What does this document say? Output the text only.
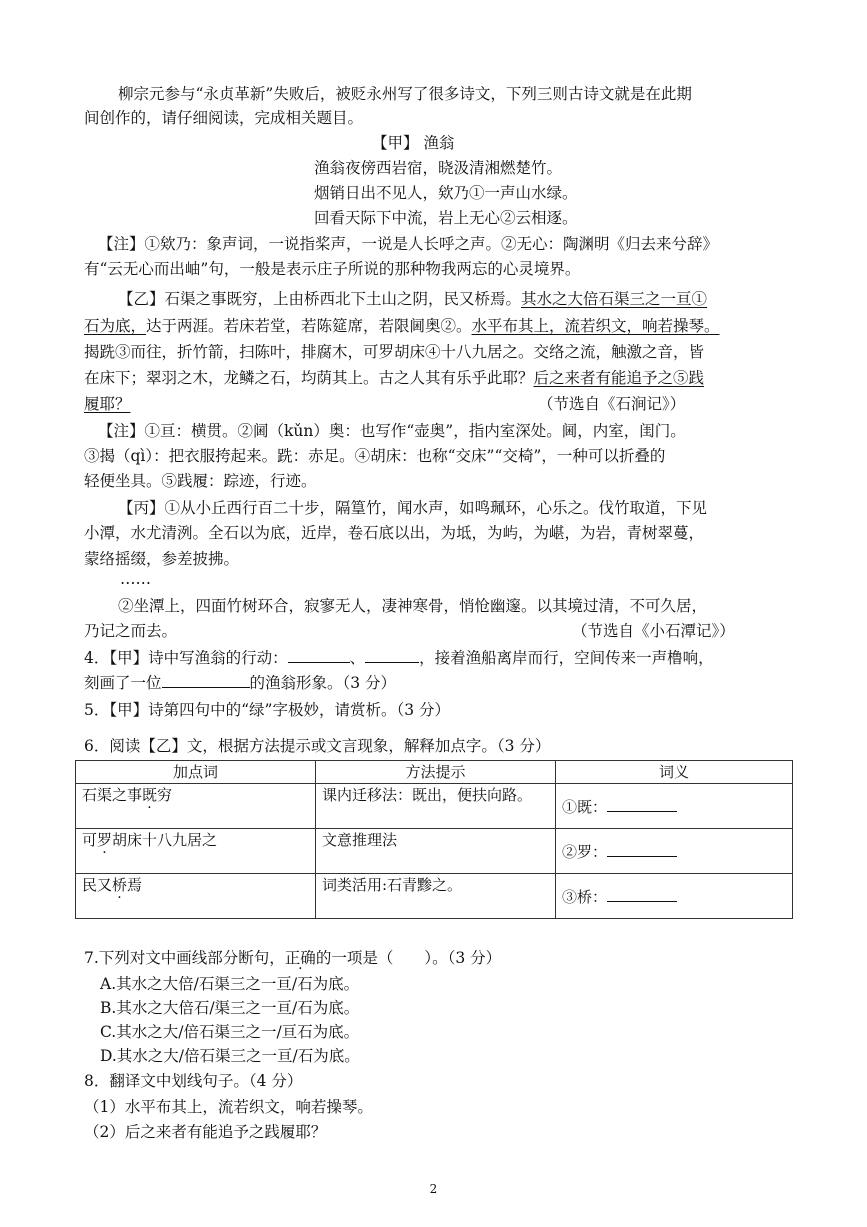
柳宗元参与“永贞革新”失败后，被贬永州写了很多诗文，下列三则古诗文就是在此期
间创作的，请仔细阅读，完成相关题目。
【甲】 渔翁
渔翁夜傍西岩宿，晓汲清湘燃楚竹。
烟销日出不见人，欸乃①一声山水绿。
回看天际下中流，岩上无心②云相逐。
【注】①欸乃：象声词，一说指桨声，一说是人长呼之声。②无心：陶渊明《归去来兮辞》
有“云无心而出岫”句，一般是表示庄子所说的那种物我两忘的心灵境界。
【乙】石渠之事既穷，上由桥西北下土山之阴，民又桥焉。其水之大倍石渠三之一亘①
石为底，达于两涯。若床若堂，若陈筵席，若限阃奥②。水平布其上，流若织文，响若操琴。
揭跣③而往，折竹箭，扫陈叶，排腐木，可罗胡床④十八九居之。交络之流，触激之音，皆
在床下；翠羽之木，龙鳞之石，均荫其上。古之人其有乐乎此耶？后之来者有能追予之⑤践
履耶？	（节选自《石涧记》）
【注】①亘：横贯。②阃（kǔn）奥：也写作“壶奥”，指内室深处。阃，内室，闺门。
③揭（qì）：把衣服挎起来。跣：赤足。④胡床：也称“交床”“交椅”，一种可以折叠的
轻便坐具。⑤践履：踪迹，行迹。
【丙】①从小丘西行百二十步，隔篁竹，闻水声，如鸣珮环，心乐之。伐竹取道，下见
小潭，水尤清洌。全石以为底，近岸，卷石底以出，为坻，为屿，为嵁，为岩，青树翠蔓，
蒙络摇缀，参差披拂。
……
②坐潭上，四面竹树环合，寂寥无人，凄神寒骨，悄怆幽邃。以其境过清，不可久居，
乃记之而去。	（节选自《小石潭记》）
4．【甲】诗中写渔翁的行动：	、	，接着渔船离岸而行，空间传来一声橹响，
刻画了一位	的渔翁形象。（3 分）
5．【甲】诗第四句中的“绿”字极妙，请赏析。（3 分）
6．阅读【乙】文，根据方法提示或文言现象，解释加点字。（3 分）
加点词	方法提示	词义
石渠之事既穷	课内迁移法：既出，便扶向路。	①既：
可罗胡床十八九居之	文意推理法	②罗：
民又桥焉	词类活用:石青黪之。	③桥：
7.下列对文中画线部分断句，正确的一项是（　　）。（3 分）
A.其水之大倍/石渠三之一亘/石为底。
B.其水之大倍石/渠三之一亘/石为底。
C.其水之大/倍石渠三之一/亘石为底。
D.其水之大/倍石渠三之一亘/石为底。
8．翻译文中划线句子。（4 分）
（1）水平布其上，流若织文，响若操琴。
（2）后之来者有能追予之践履耶？
2
